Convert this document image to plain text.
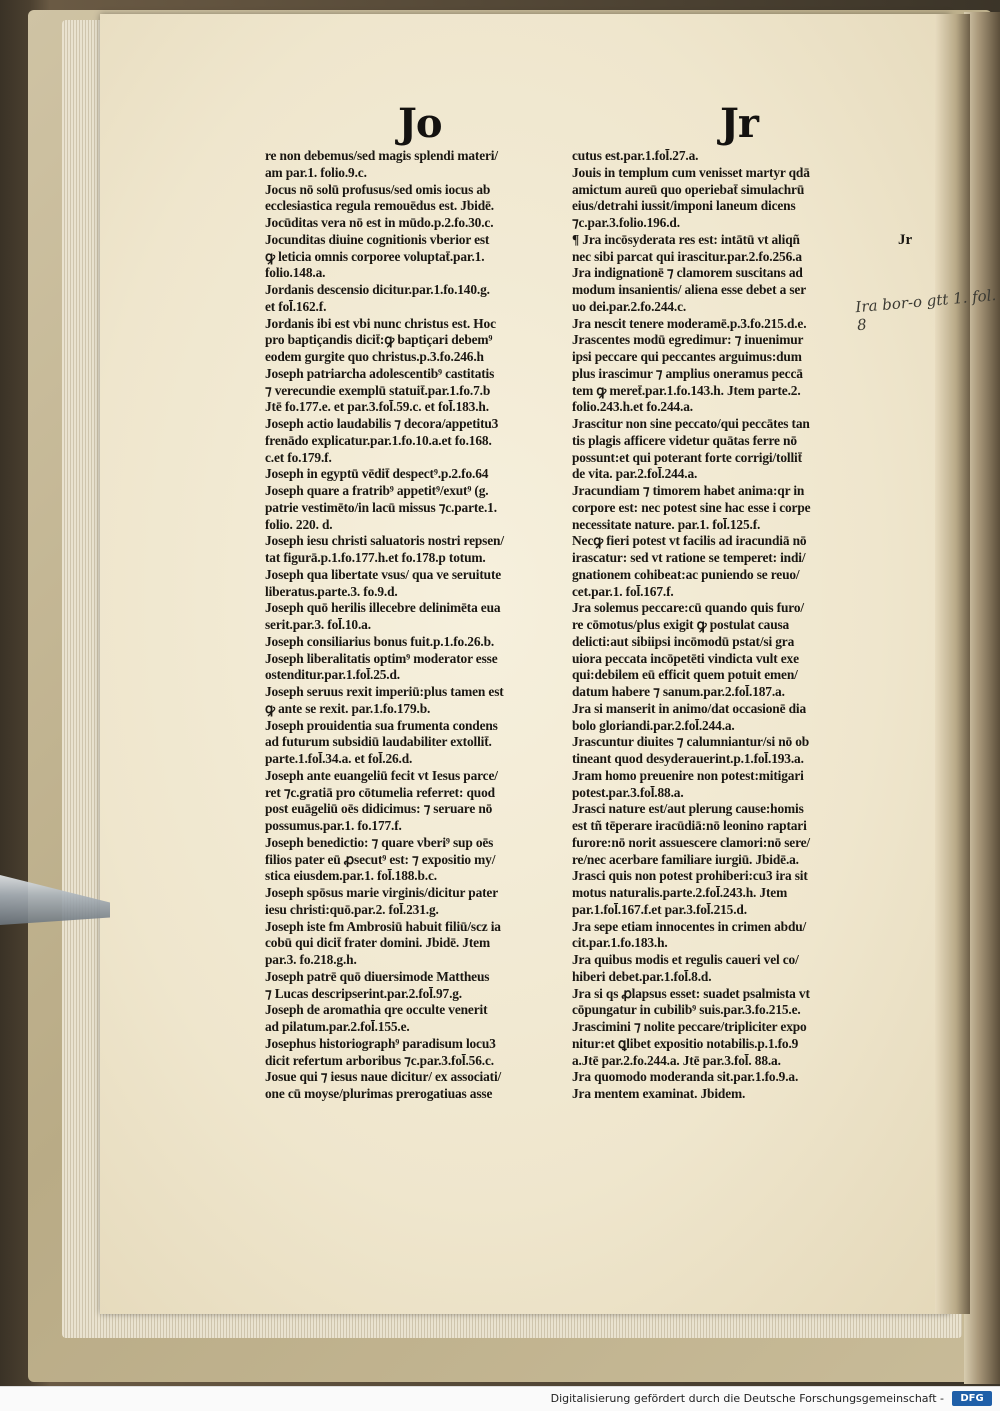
Jo	Jr
re non debemus/sed magis splendi materi/
am par.1. folio.9.c.
Jocus nō solū profusus/sed omis iocus ab
ecclesiastica regula remouēdus est. Jbidē.
Jocūditas vera nō est in mūdo.p.2.fo.30.c.
Jocunditas diuine cognitionis vberior est
ꝙ leticia omnis corporee voluptat̄.par.1.
folio.148.a.
Jordanis descensio dicitur.par.1.fo.140.g.
et fol̄.162.f.
Jordanis ibi est vbi nunc christus est. Hoc
pro baptiçandis dicit̄:ꝙ baptiçari debem⁹
eodem gurgite quo christus.p.3.fo.246.h
Joseph patriarcha adolescentib⁹ castitatis
⁊ verecundie exemplū statuit̄.par.1.fo.7.b
Jtē fo.177.e. et par.3.fol̄.59.c. et fol̄.183.h.
Joseph actio laudabilis ⁊ decora/appetitu3
frenādo explicatur.par.1.fo.10.a.et fo.168.
c.et fo.179.f.
Joseph in egyptū vēdit̄ despect⁹.p.2.fo.64
Joseph quare a fratrib⁹ appetit⁹/exut⁹ (g.
patrie vestimēto/in lacū missus ⁊c.parte.1.
folio. 220. d.
Joseph iesu christi saluatoris nostri repsen/
tat figurā.p.1.fo.177.h.et fo.178.p totum.
Joseph qua libertate vsus/ qua ve seruitute
liberatus.parte.3. fo.9.d.
Joseph quō herilis illecebre delinimēta eua
serit.par.3. fol̄.10.a.
Joseph consiliarius bonus fuit.p.1.fo.26.b.
Joseph liberalitatis optim⁹ moderator esse
ostenditur.par.1.fol̄.25.d.
Joseph seruus rexit imperiū:plus tamen est
ꝙ ante se rexit. par.1.fo.179.b.
Joseph prouidentia sua frumenta condens
ad futurum subsidiū laudabiliter extollit̄.
parte.1.fol̄.34.a. et fol̄.26.d.
Joseph ante euangeliū fecit vt Iesus parce/
ret ⁊c.gratiā pro cōtumelia referret: quod
post euāgeliū oēs didicimus: ⁊ seruare nō
possumus.par.1. fo.177.f.
Joseph benedictio: ⁊ quare vberi⁹ sup oēs
filios pater eū ꝓsecut⁹ est: ⁊ expositio my/
stica eiusdem.par.1. fol̄.188.b.c.
Joseph spōsus marie virginis/dicitur pater
iesu christi:quō.par.2. fol̄.231.g.
Joseph iste fm Ambrosiū habuit filiū/scz ia
cobū qui dicit̄ frater domini. Jbidē. Jtem
par.3. fo.218.g.h.
Joseph patrē quō diuersimode Mattheus
⁊ Lucas descripserint.par.2.fol̄.97.g.
Joseph de aromathia qre occulte venerit
ad pilatum.par.2.fol̄.155.e.
Josephus historiograph⁹ paradisum locu3
dicit refertum arboribus ⁊c.par.3.fol̄.56.c.
Josue qui ⁊ iesus naue dicitur/ ex associati/
one cū moyse/plurimas prerogatiuas asse
cutus est.par.1.fol̄.27.a.
Jouis in templum cum venisset martyr qdā
amictum aureū quo operiebat̄ simulachrū
eius/detrahi iussit/imponi laneum dicens
⁊c.par.3.folio.196.d.
¶ Jra incōsyderata res est: intātū vt aliqñ
nec sibi parcat qui irascitur.par.2.fo.256.a
Jra indignationē ⁊ clamorem suscitans ad
modum insanientis/ aliena esse debet a ser
uo dei.par.2.fo.244.c.
Jra nescit tenere moderamē.p.3.fo.215.d.e.
Jrascentes modū egredimur: ⁊ inuenimur
ipsi peccare qui peccantes arguimus:dum
plus irascimur ⁊ amplius oneramus peccā
tem ꝙ meret̄.par.1.fo.143.h. Jtem parte.2.
folio.243.h.et fo.244.a.
Jrascitur non sine peccato/qui peccātes tan
tis plagis afficere videtur quātas ferre nō
possunt:et qui poterant forte corrigi/tollit̄
de vita. par.2.fol̄.244.a.
Jracundiam ⁊ timorem habet anima:qr in
corpore est: nec potest sine hac esse i corpe
necessitate nature. par.1. fol̄.125.f.
Necꝙ fieri potest vt facilis ad iracundiā nō
irascatur: sed vt ratione se temperet: indi/
gnationem cohibeat:ac puniendo se reuo/
cet.par.1. fol̄.167.f.
Jra solemus peccare:cū quando quis furo/
re cōmotus/plus exigit ꝙ postulat causa
delicti:aut sibiipsi incōmodū pstat/si gra
uiora peccata incōpetēti vindicta vult exe
qui:debilem eū efficit quem potuit emen/
datum habere ⁊ sanum.par.2.fol̄.187.a.
Jra si manserit in animo/dat occasionē dia
bolo gloriandi.par.2.fol̄.244.a.
Jrascuntur diuites ⁊ calumniantur/si nō ob
tineant quod desyderauerint.p.1.fol̄.193.a.
Jram homo preuenire non potest:mitigari
potest.par.3.fol̄.88.a.
Jrasci nature est/aut plerung cause:homis
est tñ tēperare iracūdiā:nō leonino raptari
furore:nō norit assuescere clamori:nō sere/
re/nec acerbare familiare iurgiū. Jbidē.a.
Jrasci quis non potest prohiberi:cu3 ira sit
motus naturalis.parte.2.fol̄.243.h. Jtem
par.1.fol̄.167.f.et par.3.fol̄.215.d.
Jra sepe etiam innocentes in crimen abdu/
cit.par.1.fo.183.h.
Jra quibus modis et regulis caueri vel co/
hiberi debet.par.1.fol̄.8.d.
Jra si qs ꝓlapsus esset: suadet psalmista vt
cōpungatur in cubilib⁹ suis.par.3.fo.215.e.
Jrascimini ⁊ nolite peccare/tripliciter expo
nitur:et ꝗlibet expositio notabilis.p.1.fo.9
a.Jtē par.2.fo.244.a. Jtē par.3.fol̄. 88.a.
Jra quomodo moderanda sit.par.1.fo.9.a.
Jra mentem examinat. Jbidem.
Jr
Ira bor-o gtt 1. fol. 8
Digitalisierung gefördert durch die Deutsche Forschungsgemeinschaft -	DFG
